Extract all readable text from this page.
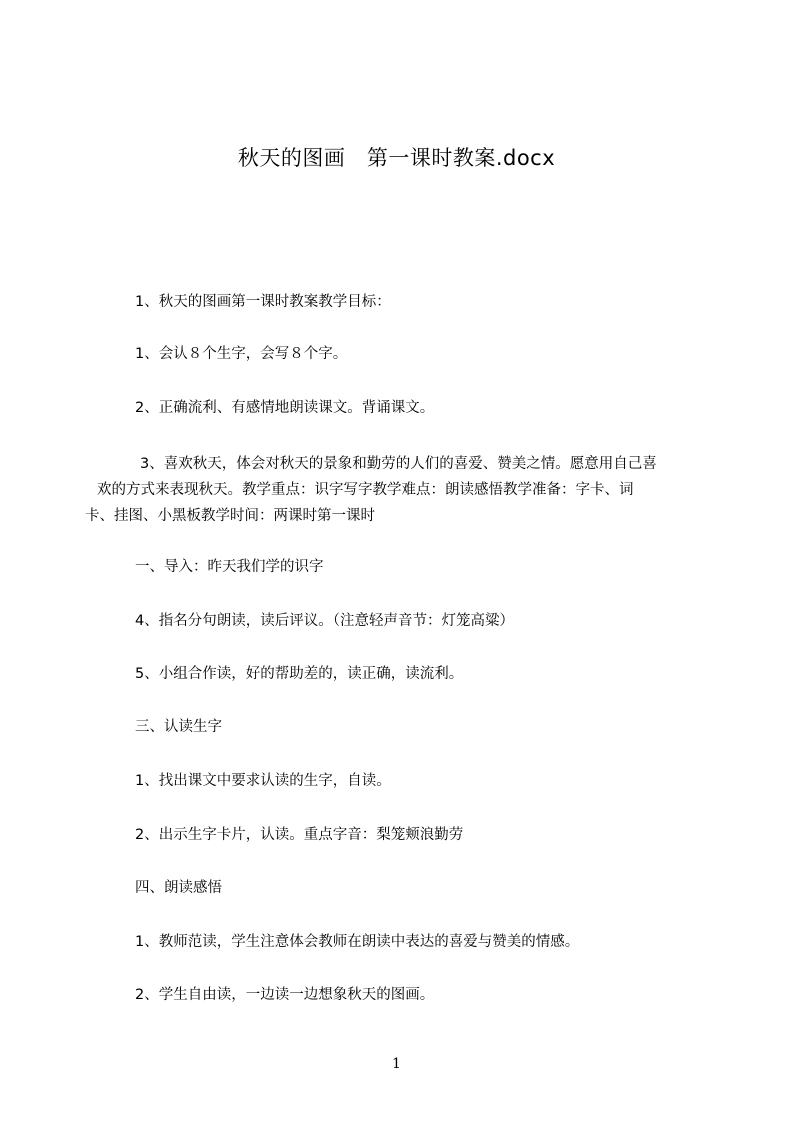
秋天的图画　第一课时教案.docx
1、秋天的图画第一课时教案教学目标：
1、会认８个生字，会写８个字。
2、正确流利、有感情地朗读课文。背诵课文。
3、喜欢秋天，体会对秋天的景象和勤劳的人们的喜爱、赞美之情。愿意用自己喜
欢的方式来表现秋天。教学重点：识字写字教学难点：朗读感悟教学准备：字卡、词
卡、挂图、小黑板教学时间：两课时第一课时
一、导入：昨天我们学的识字
4、指名分句朗读，读后评议。（注意轻声音节：灯笼高粱）
5、小组合作读，好的帮助差的，读正确，读流利。
三、认读生字
1、找出课文中要求认读的生字，自读。
2、出示生字卡片，认读。重点字音：梨笼颊浪勤劳
四、朗读感悟
1、教师范读，学生注意体会教师在朗读中表达的喜爱与赞美的情感。
2、学生自由读，一边读一边想象秋天的图画。
1
